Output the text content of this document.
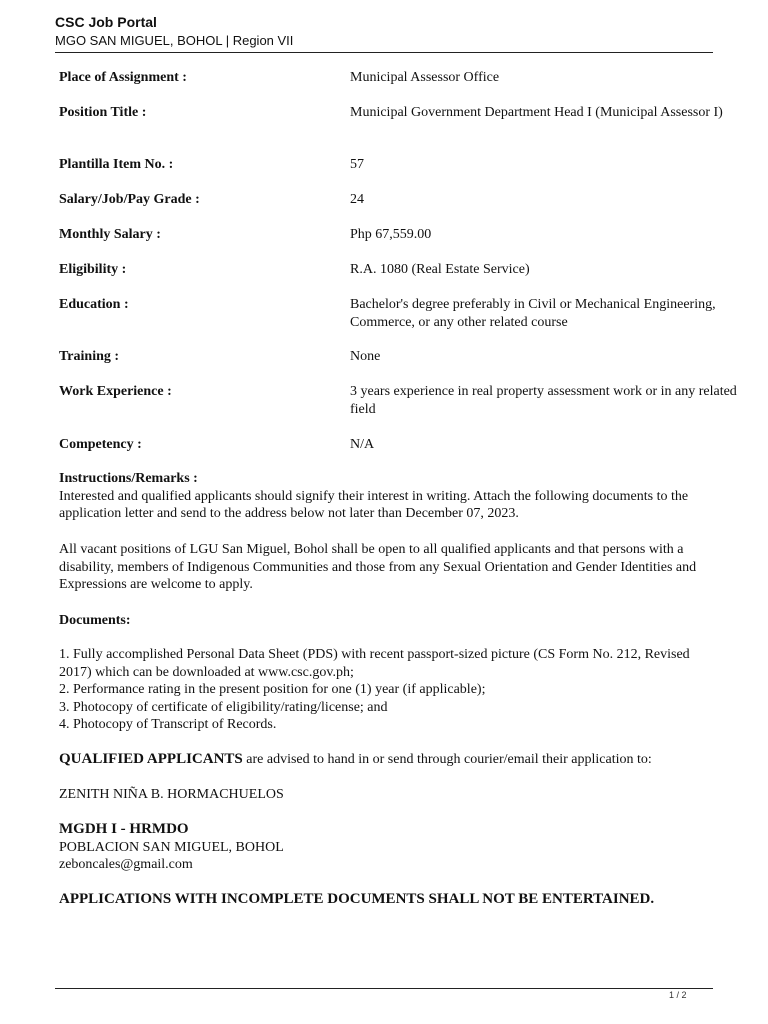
CSC Job Portal
MGO SAN MIGUEL, BOHOL | Region VII
Place of Assignment :	Municipal Assessor Office
Position Title :	Municipal Government Department Head I (Municipal Assessor I)
Plantilla Item No. :	57
Salary/Job/Pay Grade :	24
Monthly Salary :	Php 67,559.00
Eligibility :	R.A. 1080 (Real Estate Service)
Education :	Bachelor's degree preferably in Civil or Mechanical Engineering, Commerce, or any other related course
Training :	None
Work Experience :	3 years experience in real property assessment work or in any related field
Competency :	N/A
Instructions/Remarks :
Interested and qualified applicants should signify their interest in writing. Attach the following documents to the application letter and send to the address below not later than December 07, 2023.
All vacant positions of LGU San Miguel, Bohol shall be open to all qualified applicants and that persons with a disability, members of Indigenous Communities and those from any Sexual Orientation and Gender Identities and Expressions are welcome to apply.
Documents:
1. Fully accomplished Personal Data Sheet (PDS) with recent passport-sized picture (CS Form No. 212, Revised 2017) which can be downloaded at www.csc.gov.ph;
2. Performance rating in the present position for one (1) year (if applicable);
3. Photocopy of certificate of eligibility/rating/license; and
4. Photocopy of Transcript of Records.
QUALIFIED APPLICANTS are advised to hand in or send through courier/email their application to:
ZENITH NIÑA B. HORMACHUELOS
MGDH I - HRMDO
POBLACION SAN MIGUEL, BOHOL
zeboncales@gmail.com
APPLICATIONS WITH INCOMPLETE DOCUMENTS SHALL NOT BE ENTERTAINED.
1 / 2
